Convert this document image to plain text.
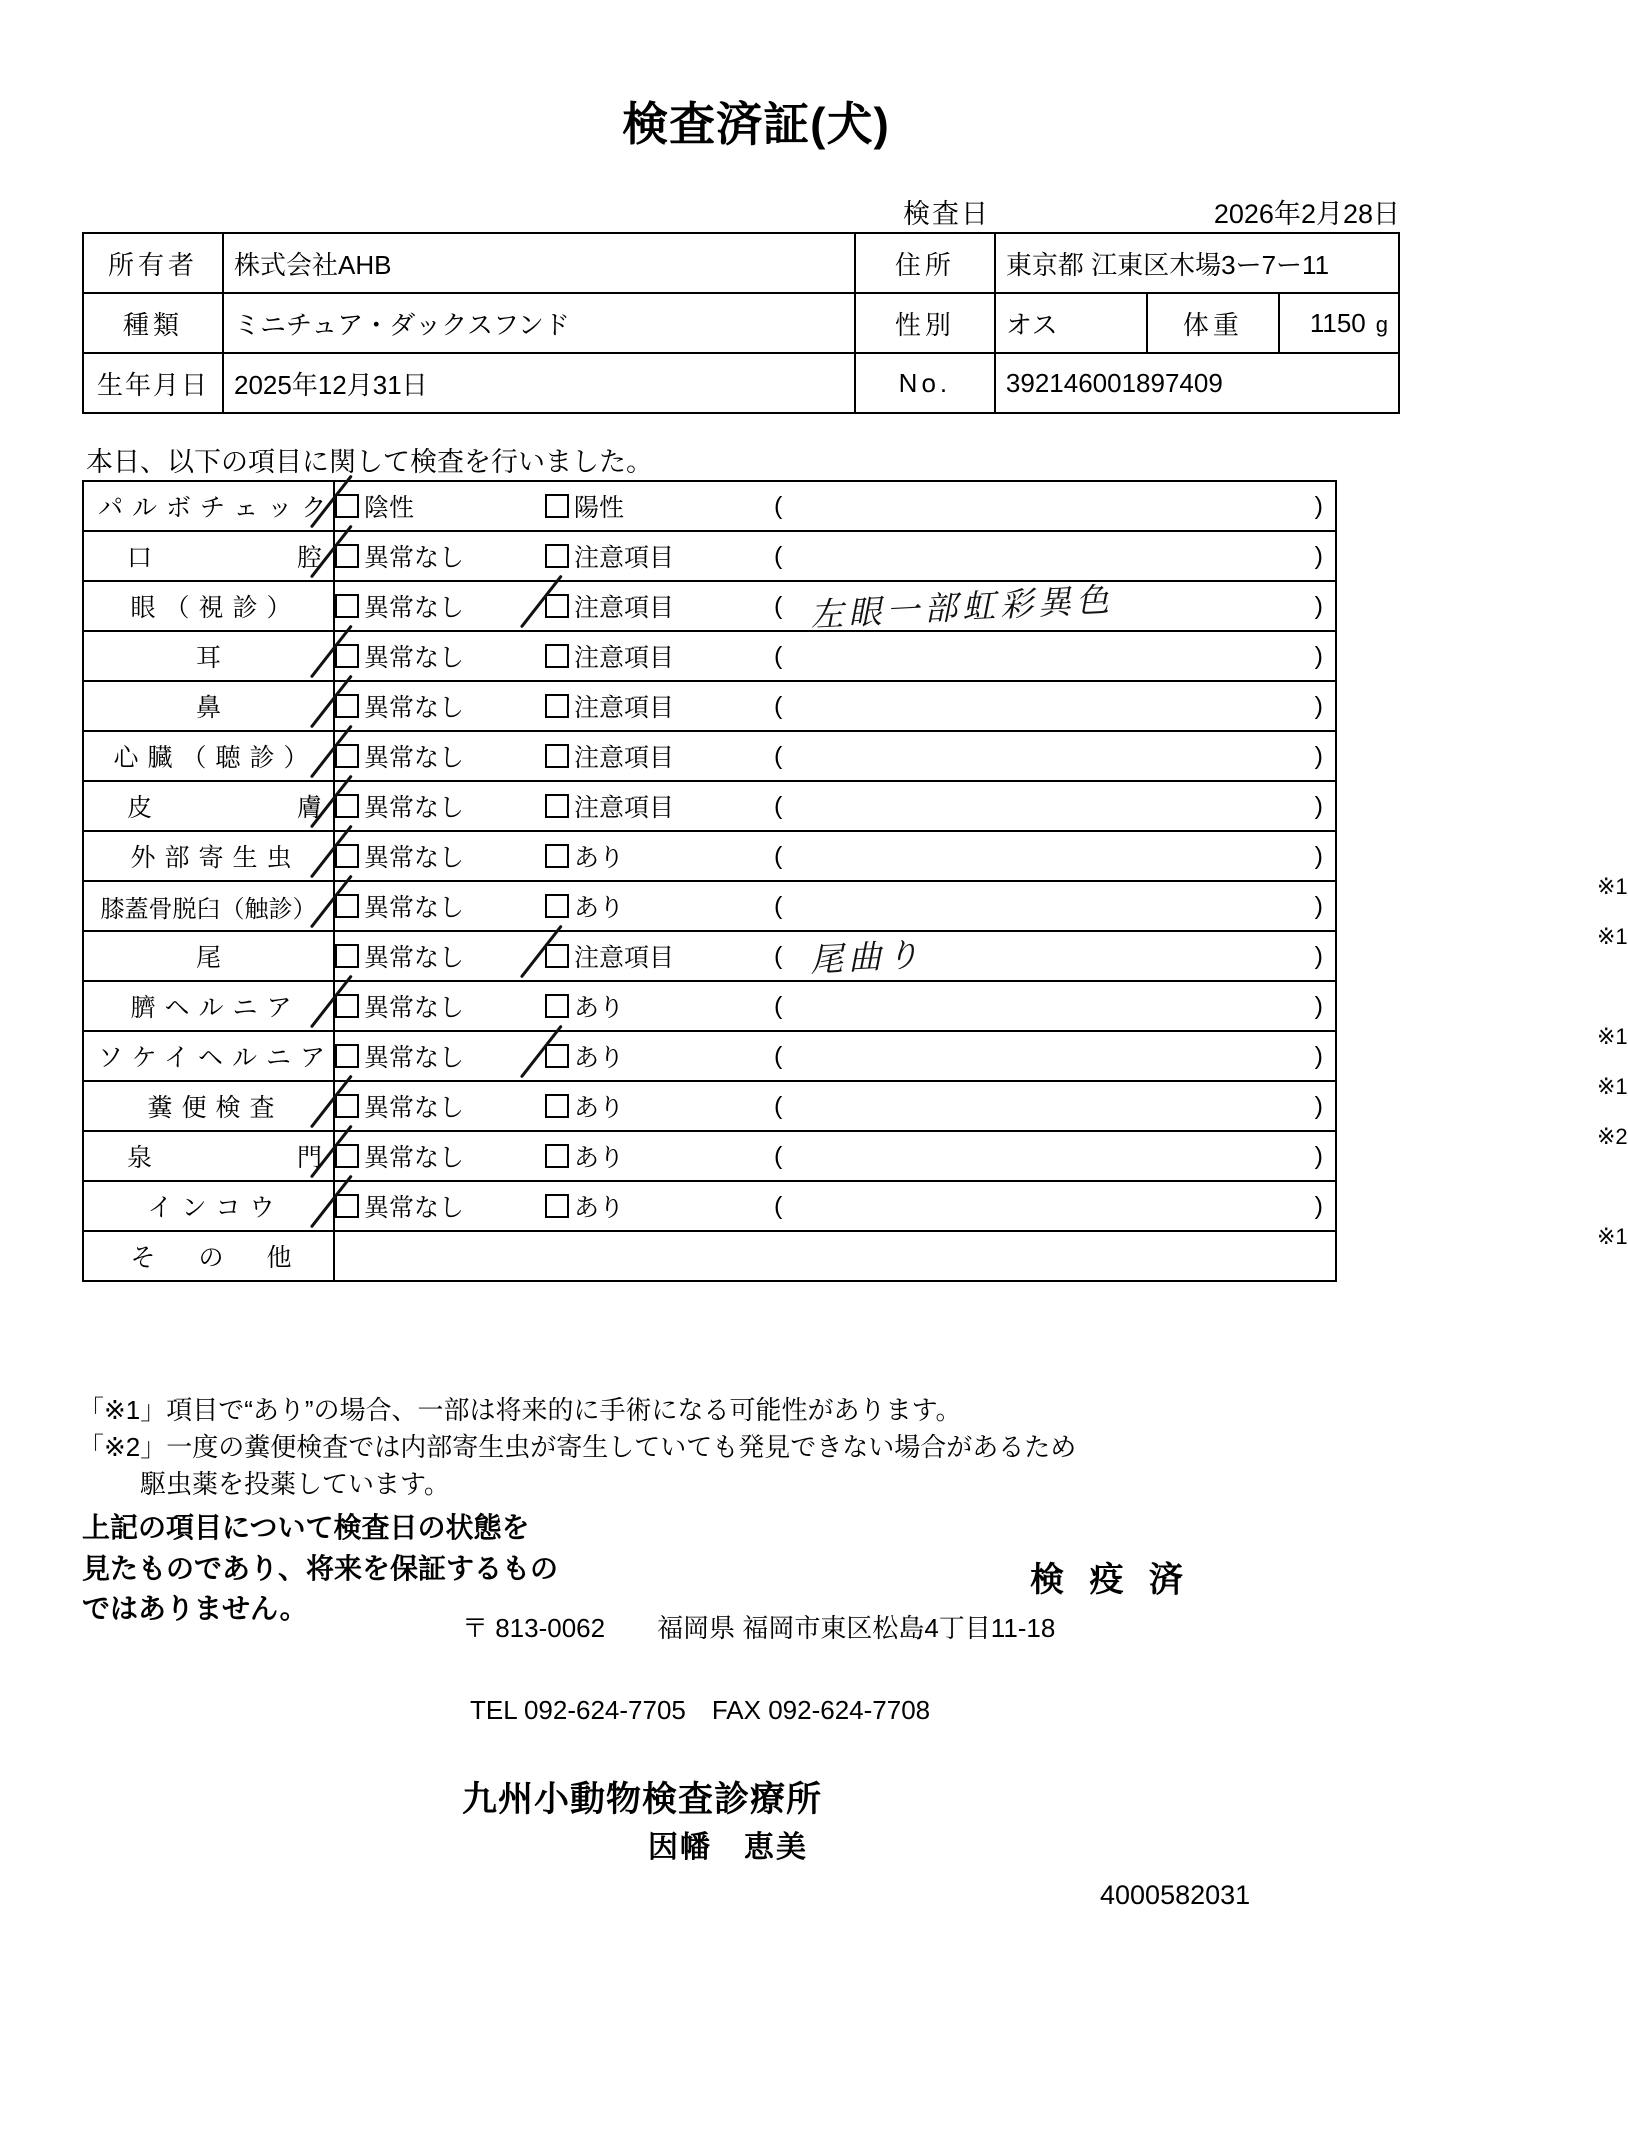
検査済証(犬)
検査日	2026年2月28日
所有者	株式会社AHB	住所	東京都 江東区木場3ー7ー11
種類	ミニチュア・ダックスフンド	性別	オス		体重	1150 g

生年月日	2025年12月31日	No.	392146001897409
本日、以下の項目に関して検査を行いました。
パルボチェック	陰性 陽性 ( )

口　　　　腔	異常なし 注意項目 ( )

眼（視診）	異常なし 注意項目 ( 左眼一部虹彩異色 )

耳	異常なし 注意項目 ( )

鼻	異常なし 注意項目 ( )

心臓（聴診）	異常なし 注意項目 ( )

皮　　　　膚	異常なし 注意項目 ( )

外部寄生虫	異常なし あり ( )
※1

膝蓋骨脱臼（触診）	異常なし あり ( )
※1

尾	異常なし 注意項目 ( 尾曲り )

臍ヘルニア	異常なし あり ( )
※1

ソケイヘルニア	異常なし あり ( )
※1

糞便検査	異常なし あり ( )
※2

泉　　　　門	異常なし あり ( )

インコウ	異常なし あり ( )
※1

そ　の　他	
「※1」項目で“あり”の場合、一部は将来的に手術になる可能性があります。
「※2」一度の糞便検査では内部寄生虫が寄生していても発見できない場合があるため
駆虫薬を投薬しています。
上記の項目について検査日の状態を
見たものであり、将来を保証するもの
ではありません。
検 疫 済
〒 813-0062　　福岡県 福岡市東区松島4丁目11-18
TEL 092-624-7705　FAX 092-624-7708
九州小動物検査診療所
因幡　恵美
4000582031
